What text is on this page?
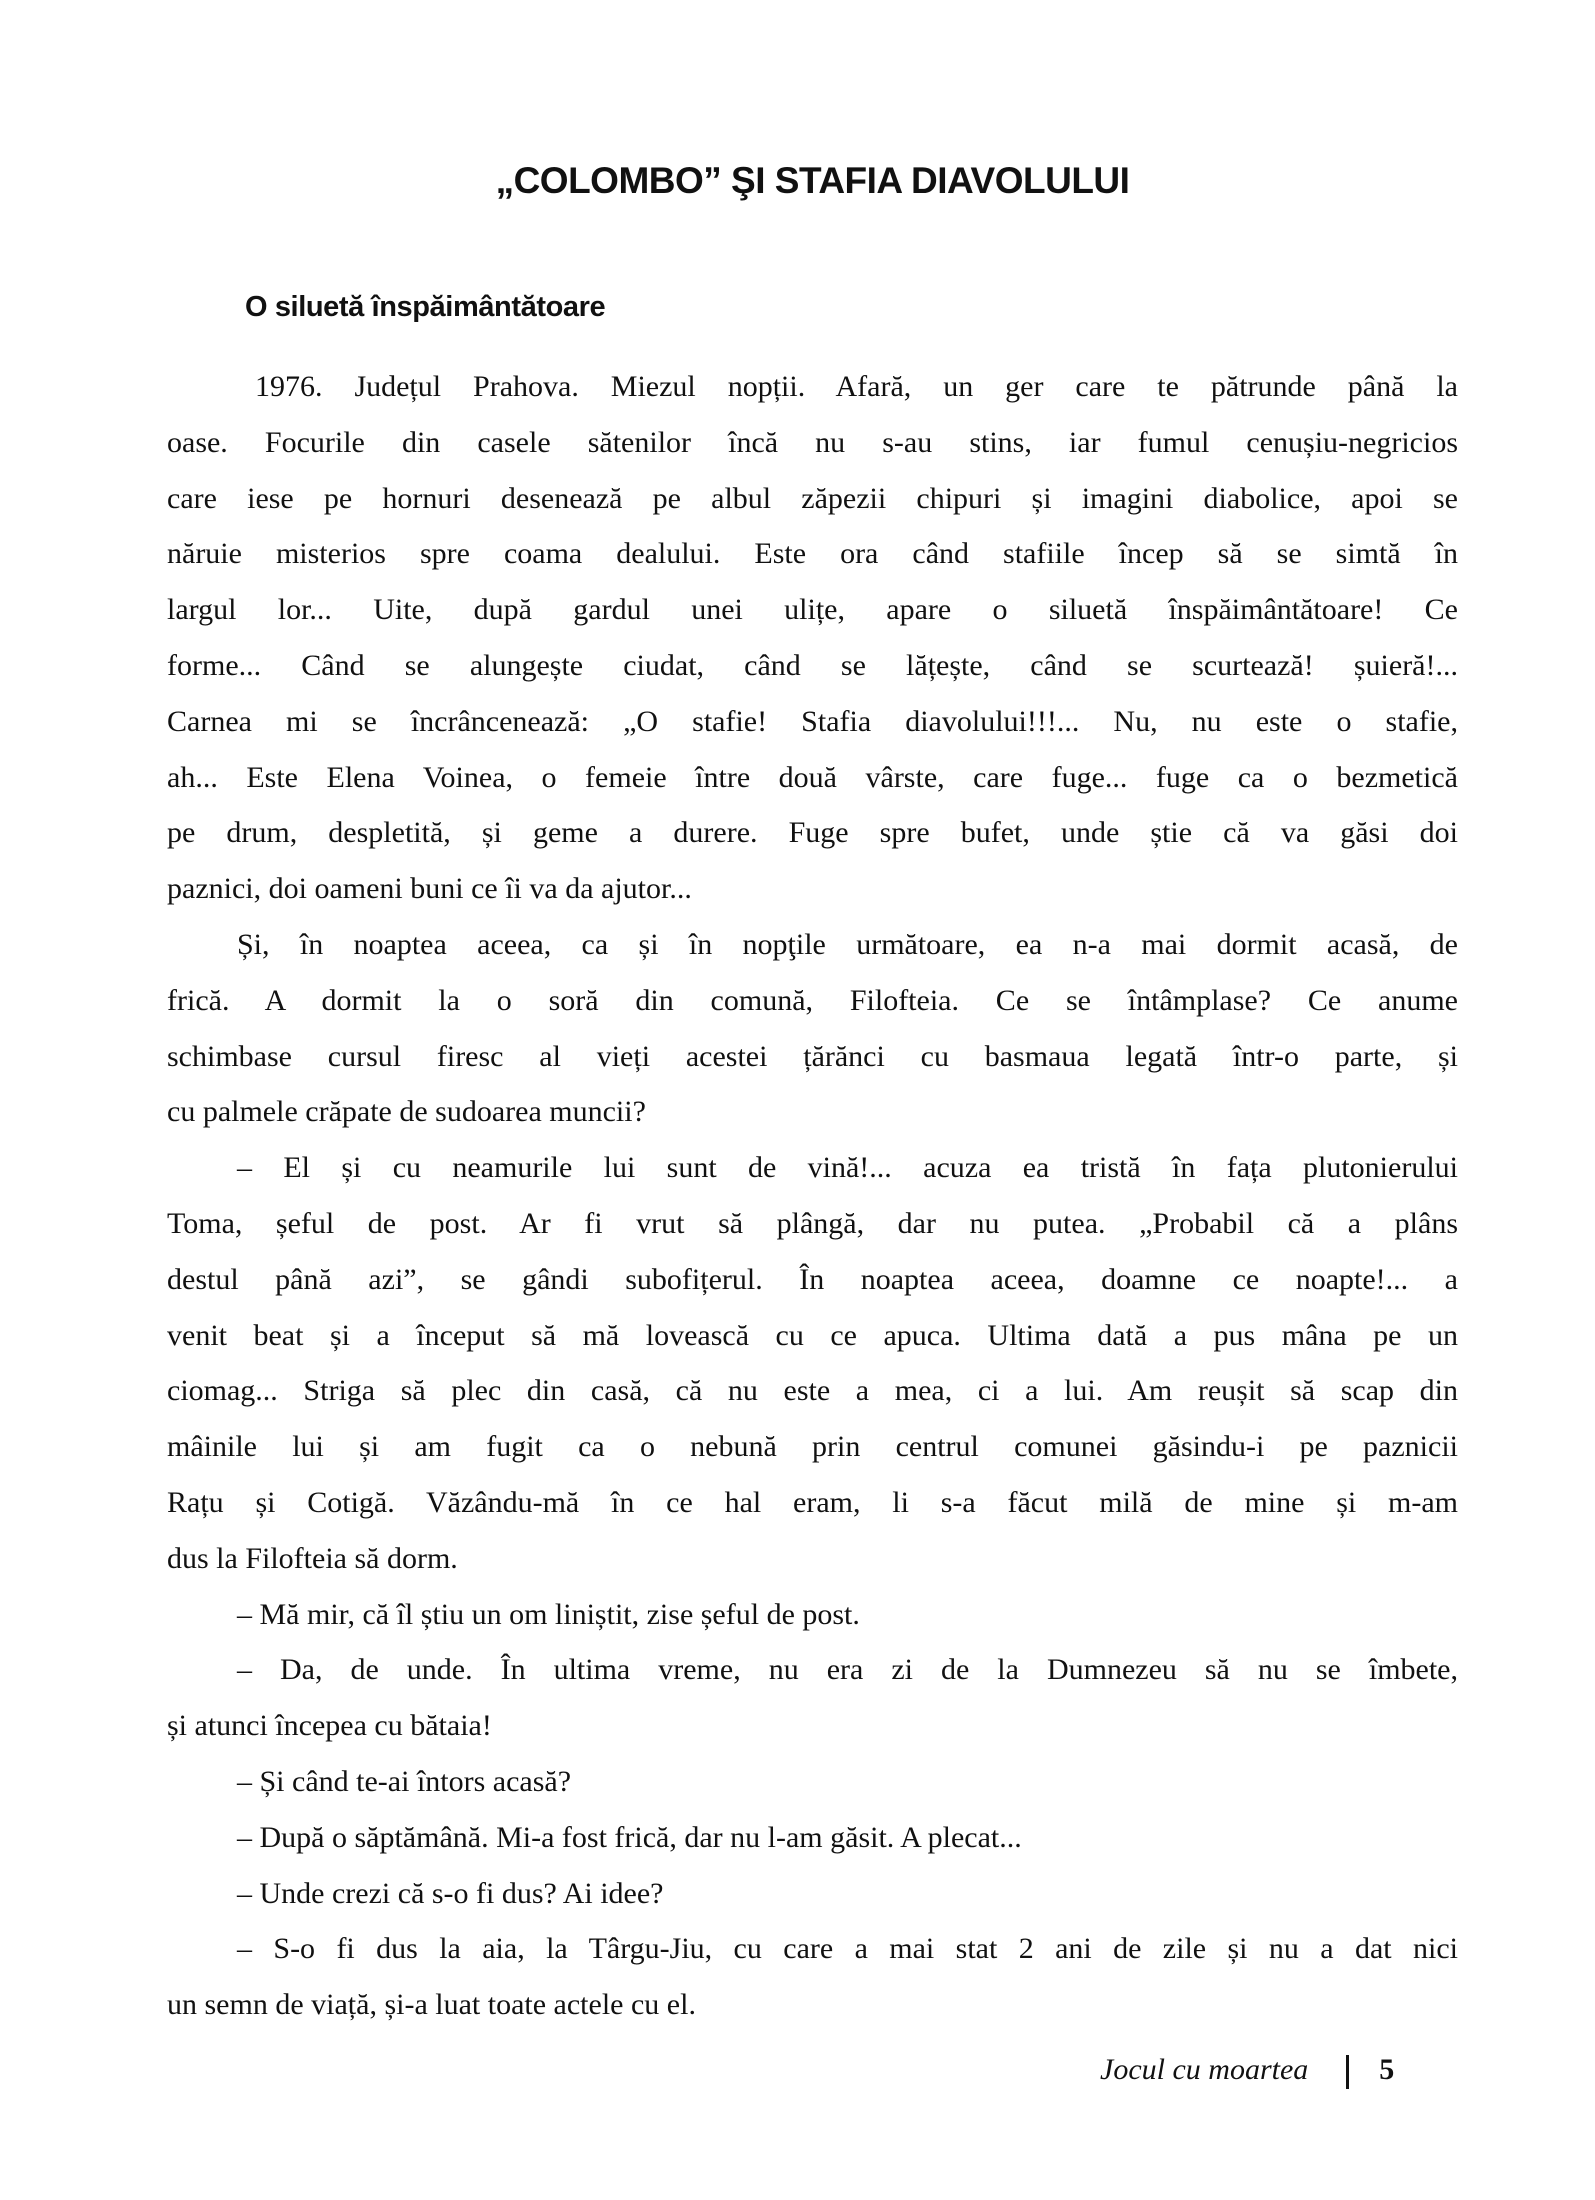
„COLOMBO” ŞI STAFIA DIAVOLULUI
O siluetă înspăimântătoare
1976. Județul Prahova. Miezul nopții. Afară, un ger care te pătrunde până la
oase. Focurile din casele sătenilor încă nu s-au stins, iar fumul cenușiu-negricios
care iese pe hornuri desenează pe albul zăpezii chipuri și imagini diabolice, apoi se
năruie misterios spre coama dealului. Este ora când stafiile încep să se simtă în
largul lor... Uite, după gardul unei ulițe, apare o siluetă înspăimântătoare! Ce
forme... Când se alungește ciudat, când se lățește, când se scurtează! șuieră!...
Carnea mi se încrâncenează: „O stafie! Stafia diavolului!!!... Nu, nu este o stafie,
ah... Este Elena Voinea, o femeie între două vârste, care fuge... fuge ca o bezmetică
pe drum, despletită, și geme a durere. Fuge spre bufet, unde știe că va găsi doi
paznici, doi oameni buni ce îi va da ajutor...
Și, în noaptea aceea, ca și în nopţile următoare, ea n-a mai dormit acasă, de
frică. A dormit la o soră din comună, Filofteia. Ce se întâmplase? Ce anume
schimbase cursul firesc al vieți acestei țărănci cu basmaua legată într-o parte, și
cu palmele crăpate de sudoarea muncii?
– El și cu neamurile lui sunt de vină!... acuza ea tristă în fața plutonierului
Toma, șeful de post. Ar fi vrut să plângă, dar nu putea. „Probabil că a plâns
destul până azi”, se gândi subofițerul. În noaptea aceea, doamne ce noapte!... a
venit beat și a început să mă lovească cu ce apuca. Ultima dată a pus mâna pe un
ciomag... Striga să plec din casă, că nu este a mea, ci a lui. Am reușit să scap din
mâinile lui și am fugit ca o nebună prin centrul comunei găsindu-i pe paznicii
Rațu și Cotigă. Văzându-mă în ce hal eram, li s-a făcut milă de mine și m-am
dus la Filofteia să dorm.
– Mă mir, că îl știu un om liniștit, zise șeful de post.
– Da, de unde. În ultima vreme, nu era zi de la Dumnezeu să nu se îmbete,
și atunci începea cu bătaia!
– Și când te-ai întors acasă?
– După o săptămână. Mi-a fost frică, dar nu l-am găsit. A plecat...
– Unde crezi că s-o fi dus? Ai idee?
– S-o fi dus la aia, la Târgu-Jiu, cu care a mai stat 2 ani de zile și nu a dat nici
un semn de viață, și-a luat toate actele cu el.
Jocul cu moartea 5
